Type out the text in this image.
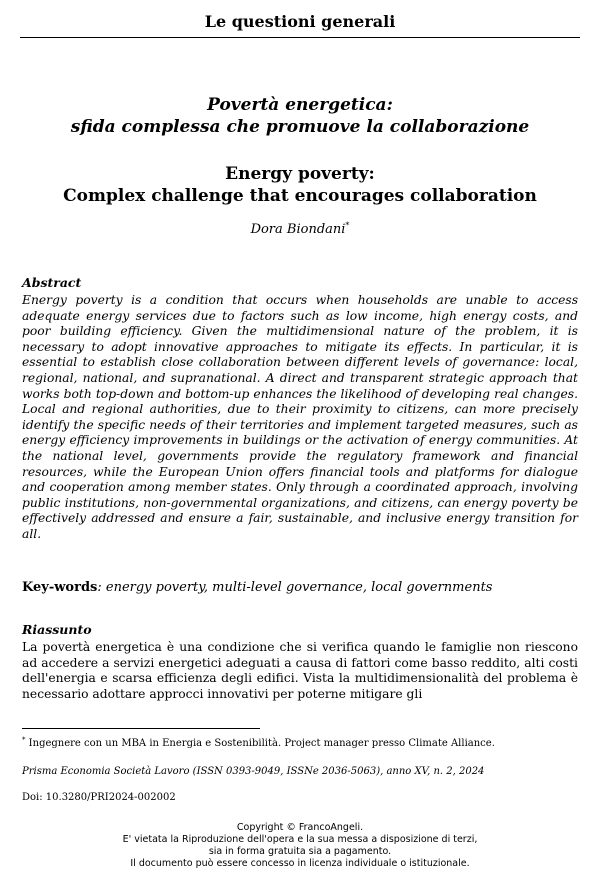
Le questioni generali
Povertà energetica:
sfida complessa che promuove la collaborazione
Energy poverty:
Complex challenge that encourages collaboration
Dora Biondani*
Abstract
Energy poverty is a condition that occurs when households are unable to access adequate energy services due to factors such as low income, high energy costs, and poor building efficiency. Given the multidimensional nature of the problem, it is necessary to adopt innovative approaches to mitigate its effects. In particular, it is essential to establish close collaboration between different levels of governance: local, regional, national, and supranational. A direct and transparent strategic approach that works both top-down and bottom-up enhances the likelihood of developing real changes. Local and regional authorities, due to their proximity to citizens, can more precisely identify the specific needs of their territories and implement targeted measures, such as energy efficiency improvements in buildings or the activation of energy communities. At the national level, governments provide the regulatory framework and financial resources, while the European Union offers financial tools and platforms for dialogue and cooperation among member states. Only through a coordinated approach, involving public institutions, non-governmental organizations, and citizens, can energy poverty be effectively addressed and ensure a fair, sustainable, and inclusive energy transition for all.
Key-words: energy poverty, multi-level governance, local governments
Riassunto
La povertà energetica è una condizione che si verifica quando le famiglie non riescono ad accedere a servizi energetici adeguati a causa di fattori come basso reddito, alti costi dell'energia e scarsa efficienza degli edifici. Vista la multidimensionalità del problema è necessario adottare approcci innovativi per poterne mitigare gli
* Ingegnere con un MBA in Energia e Sostenibilità. Project manager presso Climate Alliance.
Prisma Economia Società Lavoro (ISSN 0393-9049, ISSNe 2036-5063), anno XV, n. 2, 2024
Doi: 10.3280/PRI2024-002002
Copyright © FrancoAngeli.
E' vietata la Riproduzione dell'opera e la sua messa a disposizione di terzi,
sia in forma gratuita sia a pagamento.
Il documento può essere concesso in licenza individuale o istituzionale.
